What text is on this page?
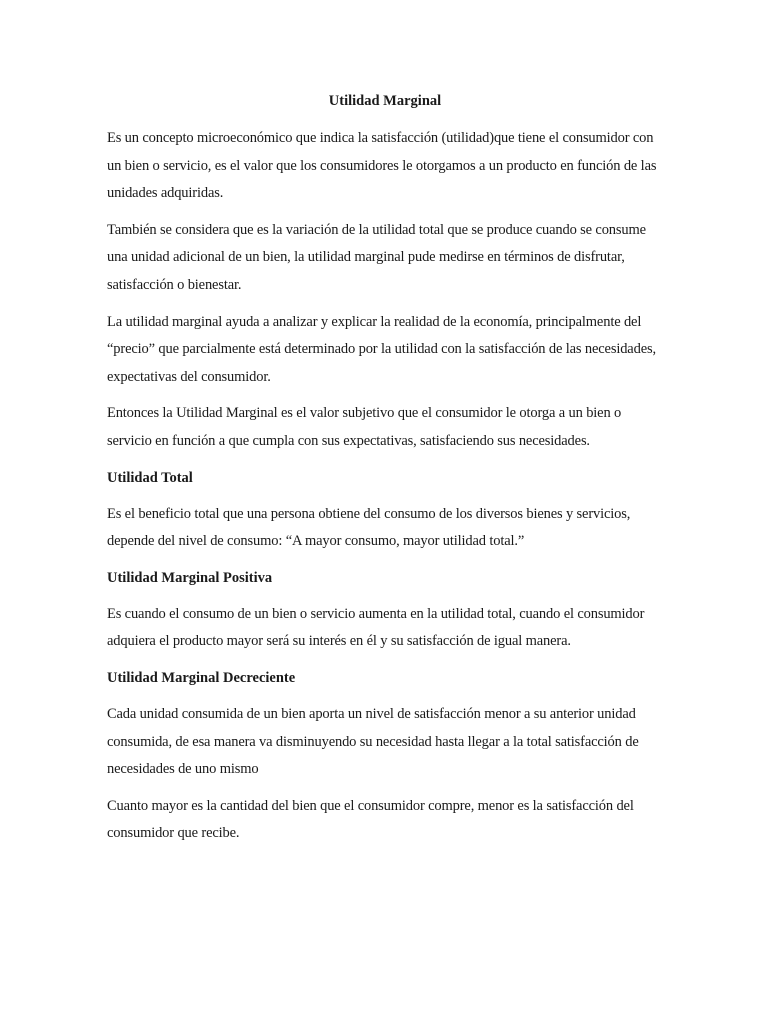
Utilidad Marginal

Es un concepto microeconómico que indica la satisfacción (utilidad)que tiene el consumidor con un bien o servicio, es el valor que los consumidores le otorgamos a un producto en función de las unidades adquiridas.

También se considera que es la variación de la utilidad total que se produce cuando se consume una unidad adicional de un bien, la utilidad marginal pude medirse en términos de disfrutar, satisfacción o bienestar.

La utilidad marginal ayuda a analizar y explicar la realidad de la economía, principalmente del “precio” que parcialmente está determinado por la utilidad con la satisfacción de las necesidades, expectativas del consumidor.

Entonces la Utilidad Marginal es el valor subjetivo que el consumidor le otorga a un bien o servicio en función a que cumpla con sus expectativas, satisfaciendo sus necesidades.

Utilidad Total

Es el beneficio total que una persona obtiene del consumo de los diversos bienes y servicios, depende del nivel de consumo: “A mayor consumo, mayor utilidad total.”

Utilidad Marginal Positiva

Es cuando el consumo de un bien o servicio aumenta en la utilidad total, cuando el consumidor adquiera el producto mayor será su interés en él y su satisfacción de igual manera.

Utilidad Marginal Decreciente

Cada unidad consumida de un bien aporta un nivel de satisfacción menor a su anterior unidad consumida, de esa manera va disminuyendo su necesidad hasta llegar a la total satisfacción de necesidades de uno mismo

Cuanto mayor es la cantidad del bien que el consumidor compre, menor es la satisfacción del consumidor que recibe.
